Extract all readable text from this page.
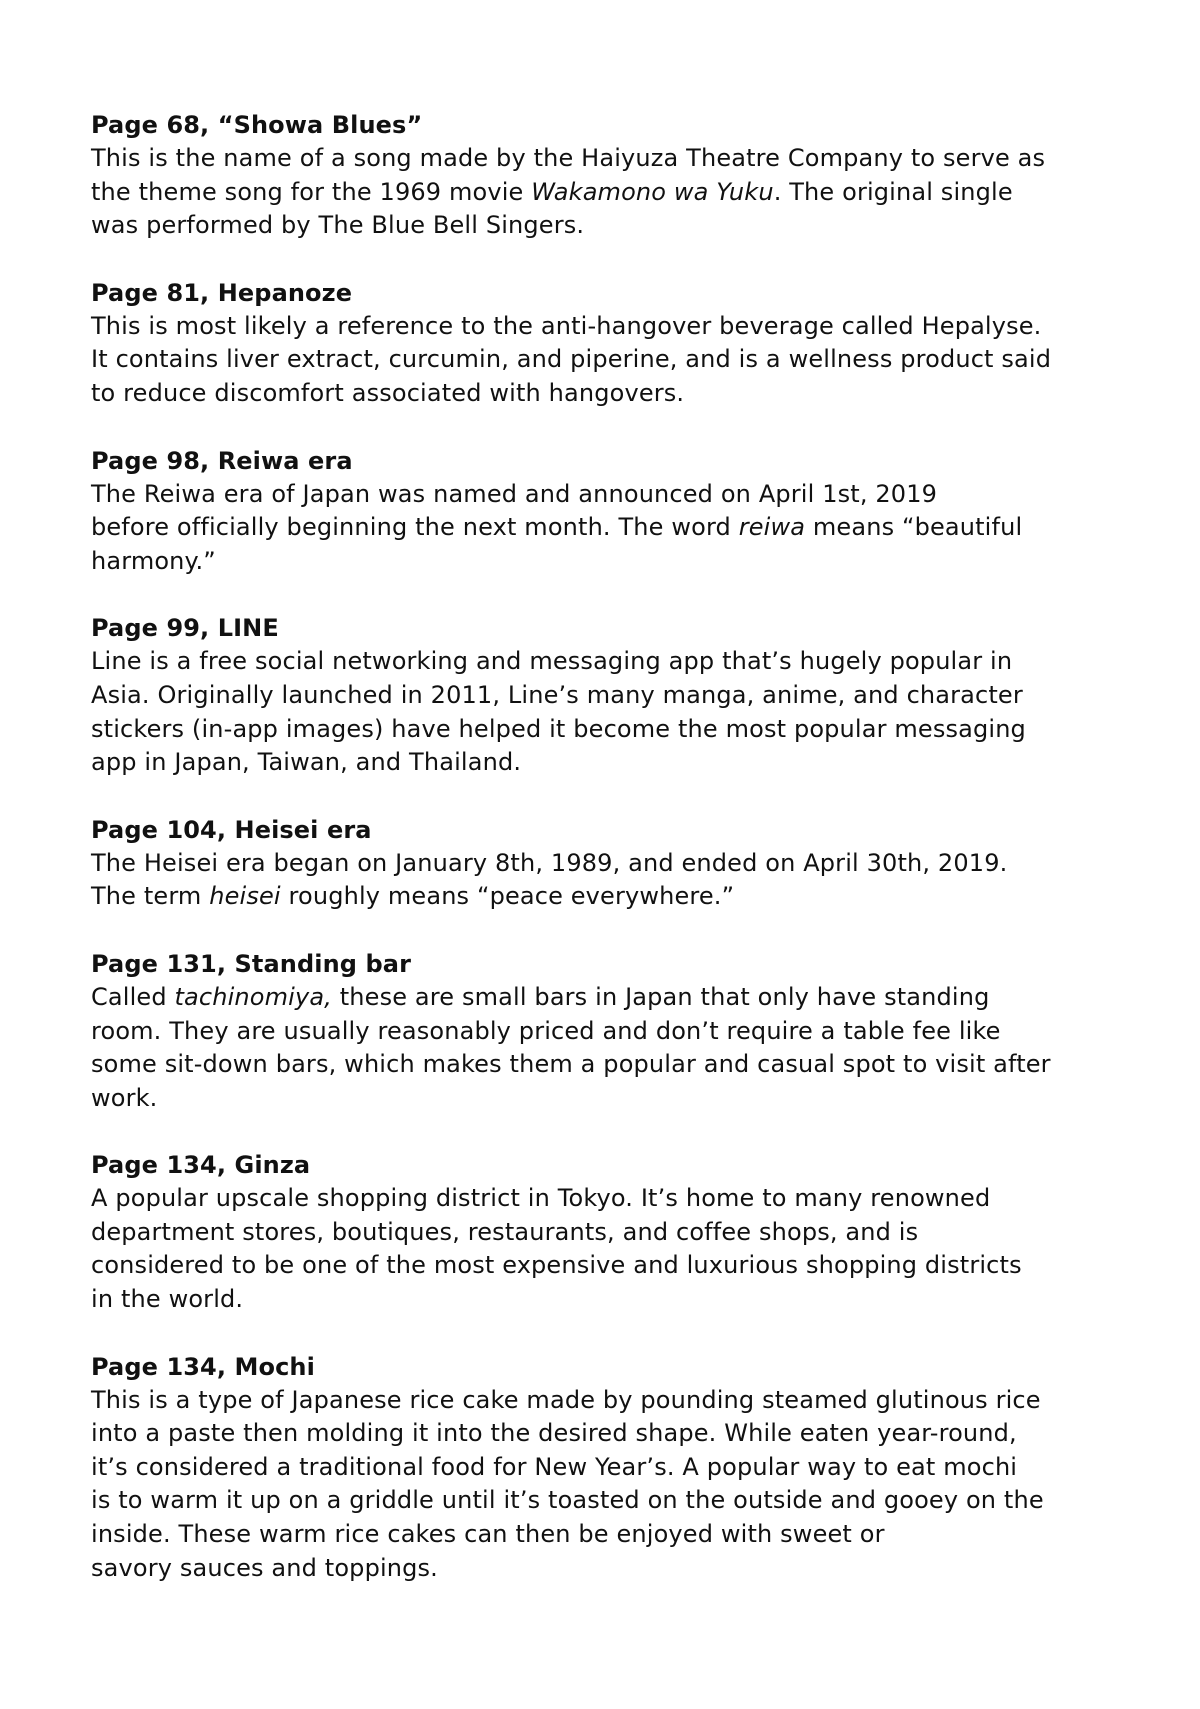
Page 68, “Showa Blues”

This is the name of a song made by the Haiyuza Theatre Company to serve as
the theme song for the 1969 movie Wakamono wa Yuku. The original single
was performed by The Blue Bell Singers.

Page 81, Hepanoze

This is most likely a reference to the anti-hangover beverage called Hepalyse.
It contains liver extract, curcumin, and piperine, and is a wellness product said
to reduce discomfort associated with hangovers.

Page 98, Reiwa era

The Reiwa era of Japan was named and announced on April 1st, 2019
before officially beginning the next month. The word reiwa means “beautiful
harmony.”

Page 99, LINE

Line is a free social networking and messaging app that’s hugely popular in
Asia. Originally launched in 2011, Line’s many manga, anime, and character
stickers (in-app images) have helped it become the most popular messaging
app in Japan, Taiwan, and Thailand.

Page 104, Heisei era

The Heisei era began on January 8th, 1989, and ended on April 30th, 2019.
The term heisei roughly means “peace everywhere.”

Page 131, Standing bar

Called tachinomiya, these are small bars in Japan that only have standing
room. They are usually reasonably priced and don’t require a table fee like
some sit-down bars, which makes them a popular and casual spot to visit after
work.

Page 134, Ginza

A popular upscale shopping district in Tokyo. It’s home to many renowned
department stores, boutiques, restaurants, and coffee shops, and is
considered to be one of the most expensive and luxurious shopping districts
in the world.

Page 134, Mochi

This is a type of Japanese rice cake made by pounding steamed glutinous rice
into a paste then molding it into the desired shape. While eaten year-round,
it’s considered a traditional food for New Year’s. A popular way to eat mochi
is to warm it up on a griddle until it’s toasted on the outside and gooey on the
inside. These warm rice cakes can then be enjoyed with sweet or
savory sauces and toppings.
